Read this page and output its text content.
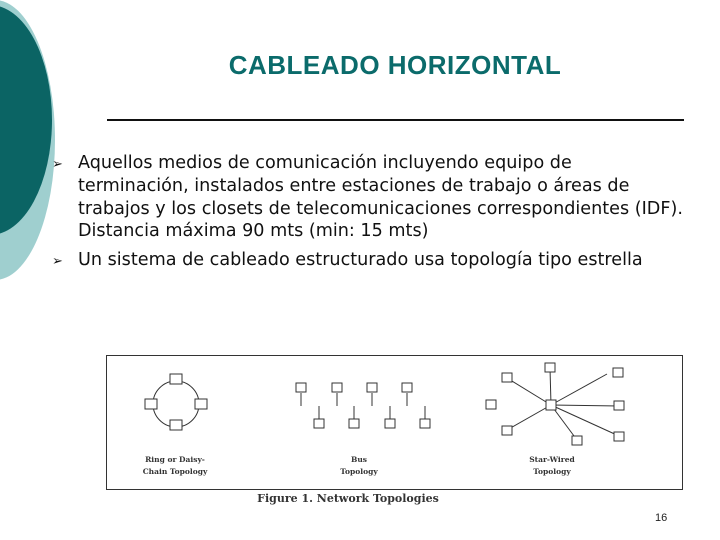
CABLEADO HORIZONTAL
➢ Aquellos medios de comunicación incluyendo equipo de terminación, instalados entre estaciones de trabajo o áreas de trabajos y los closets de telecomunicaciones correspondientes (IDF). Distancia máxima 90 mts (min: 15 mts)
➢ Un sistema de cableado estructurado usa topología tipo estrella
Ring or Daisy-
Chain Topology
Bus
Topology
Star-Wired
Topology
Figure 1. Network Topologies
16
